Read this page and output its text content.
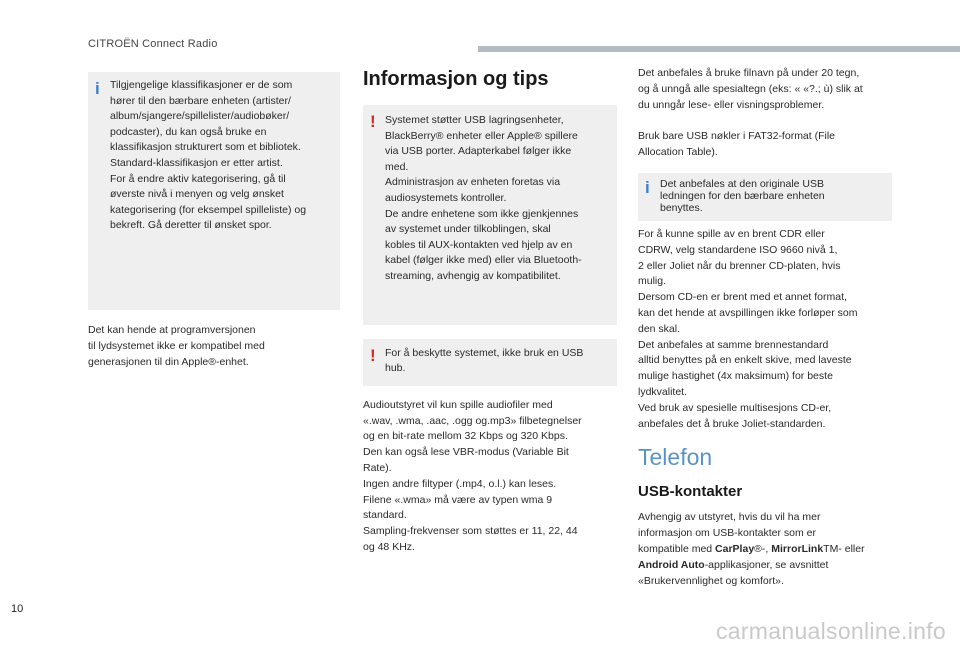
CITROËN Connect Radio
i Tilgjengelige klassifikasjoner er de som
hører til den bærbare enheten (artister/
album/sjangere/spillelister/audiobøker/
podcaster), du kan også bruke en
klassifikasjon strukturert som et bibliotek.
Standard-klassifikasjon er etter artist.
For å endre aktiv kategorisering, gå til
øverste nivå i menyen og velg ønsket
kategorisering (for eksempel spilleliste) og
bekreft. Gå deretter til ønsket spor.

Det kan hende at programversjonen
til lydsystemet ikke er kompatibel med
generasjonen til din Apple®-enhet.

Informasjon og tips
! Systemet støtter USB lagringsenheter,
BlackBerry® enheter eller Apple® spillere
via USB porter. Adapterkabel følger ikke
med.
Administrasjon av enheten foretas via
audiosystemets kontroller.
De andre enhetene som ikke gjenkjennes
av systemet under tilkoblingen, skal
kobles til AUX-kontakten ved hjelp av en
kabel (følger ikke med) eller via Bluetooth-
streaming, avhengig av kompatibilitet.

! For å beskytte systemet, ikke bruk en USB
hub.

Audioutstyret vil kun spille audiofiler med
«.wav, .wma, .aac, .ogg og.mp3» filbetegnelser
og en bit-rate mellom 32 Kbps og 320 Kbps.
Den kan også lese VBR-modus (Variable Bit
Rate).
Ingen andre filtyper (.mp4, o.l.) kan leses.
Filene «.wma» må være av typen wma 9
standard.
Sampling-frekvenser som støttes er 11, 22, 44
og 48 KHz.

Det anbefales å bruke filnavn på under 20 tegn,
og å unngå alle spesialtegn (eks: « «?.; ù) slik at
du unngår lese- eller visningsproblemer.

Bruk bare USB nøkler i FAT32-format (File
Allocation Table).

i Det anbefales at den originale USB
ledningen for den bærbare enheten
benyttes.

For å kunne spille av en brent CDR eller
CDRW, velg standardene ISO 9660 nivå 1,
2 eller Joliet når du brenner CD-platen, hvis
mulig.
Dersom CD-en er brent med et annet format,
kan det hende at avspillingen ikke forløper som
den skal.
Det anbefales at samme brennestandard
alltid benyttes på en enkelt skive, med laveste
mulige hastighet (4x maksimum) for beste
lydkvalitet.
Ved bruk av spesielle multisesjons CD-er,
anbefales det å bruke Joliet-standarden.

Telefon
USB-kontakter

Avhengig av utstyret, hvis du vil ha mer
informasjon om USB-kontakter som er
kompatible med CarPlay®-, MirrorLinkTM- eller
Android Auto-applikasjoner, se avsnittet
«Brukervennlighet og komfort».

10
carmanualsonline.info
